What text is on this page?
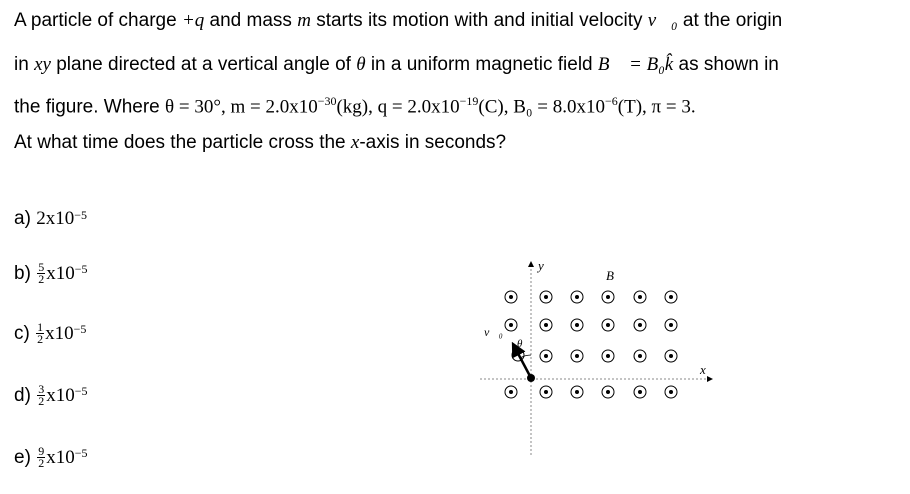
A particle of charge +q and mass m starts its motion with and initial velocity v⃗₀ at the origin
in xy plane directed at a vertical angle of θ in a uniform magnetic field B⃗ = B₀k̂ as shown in
the figure. Where θ = 30°, $m = 2.0x10^{-30}(kg)$, $q = 2.0x10^{-19}(C)$, $B_0 = 8.0x10^{-6}(T)$, π = 3.
At what time does the particle cross the x-axis in seconds?
a)
2x10 −5
b)
$\frac{5}{2} x10^{-5}$
c)
$\frac{1}{2} x10^{-5}$
d)
$\frac{3}{2} x10^{-5}$
e)
$\frac{9}{2} x10^{-5}$
y
x
B⃗
v⃗₀
θ
